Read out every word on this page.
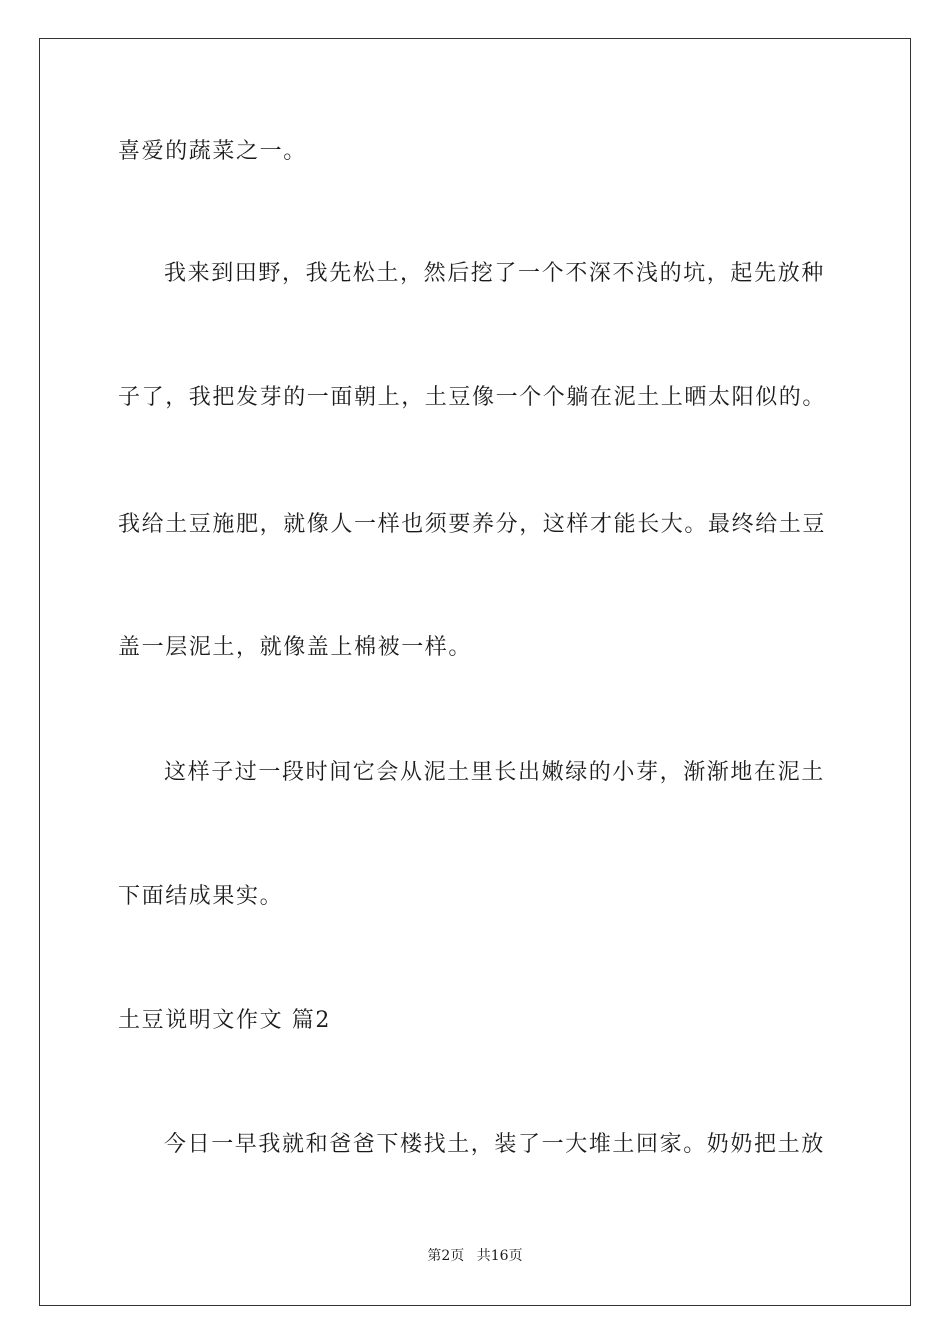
喜爱的蔬菜之一。
我来到田野，我先松土，然后挖了一个不深不浅的坑，起先放种
子了，我把发芽的一面朝上，土豆像一个个躺在泥土上晒太阳似的。
我给土豆施肥，就像人一样也须要养分，这样才能长大。最终给土豆
盖一层泥土，就像盖上棉被一样。
这样子过一段时间它会从泥土里长出嫩绿的小芽，渐渐地在泥土
下面结成果实。
土豆说明文作文 篇2
今日一早我就和爸爸下楼找土，装了一大堆土回家。奶奶把土放
第2页 共16页
